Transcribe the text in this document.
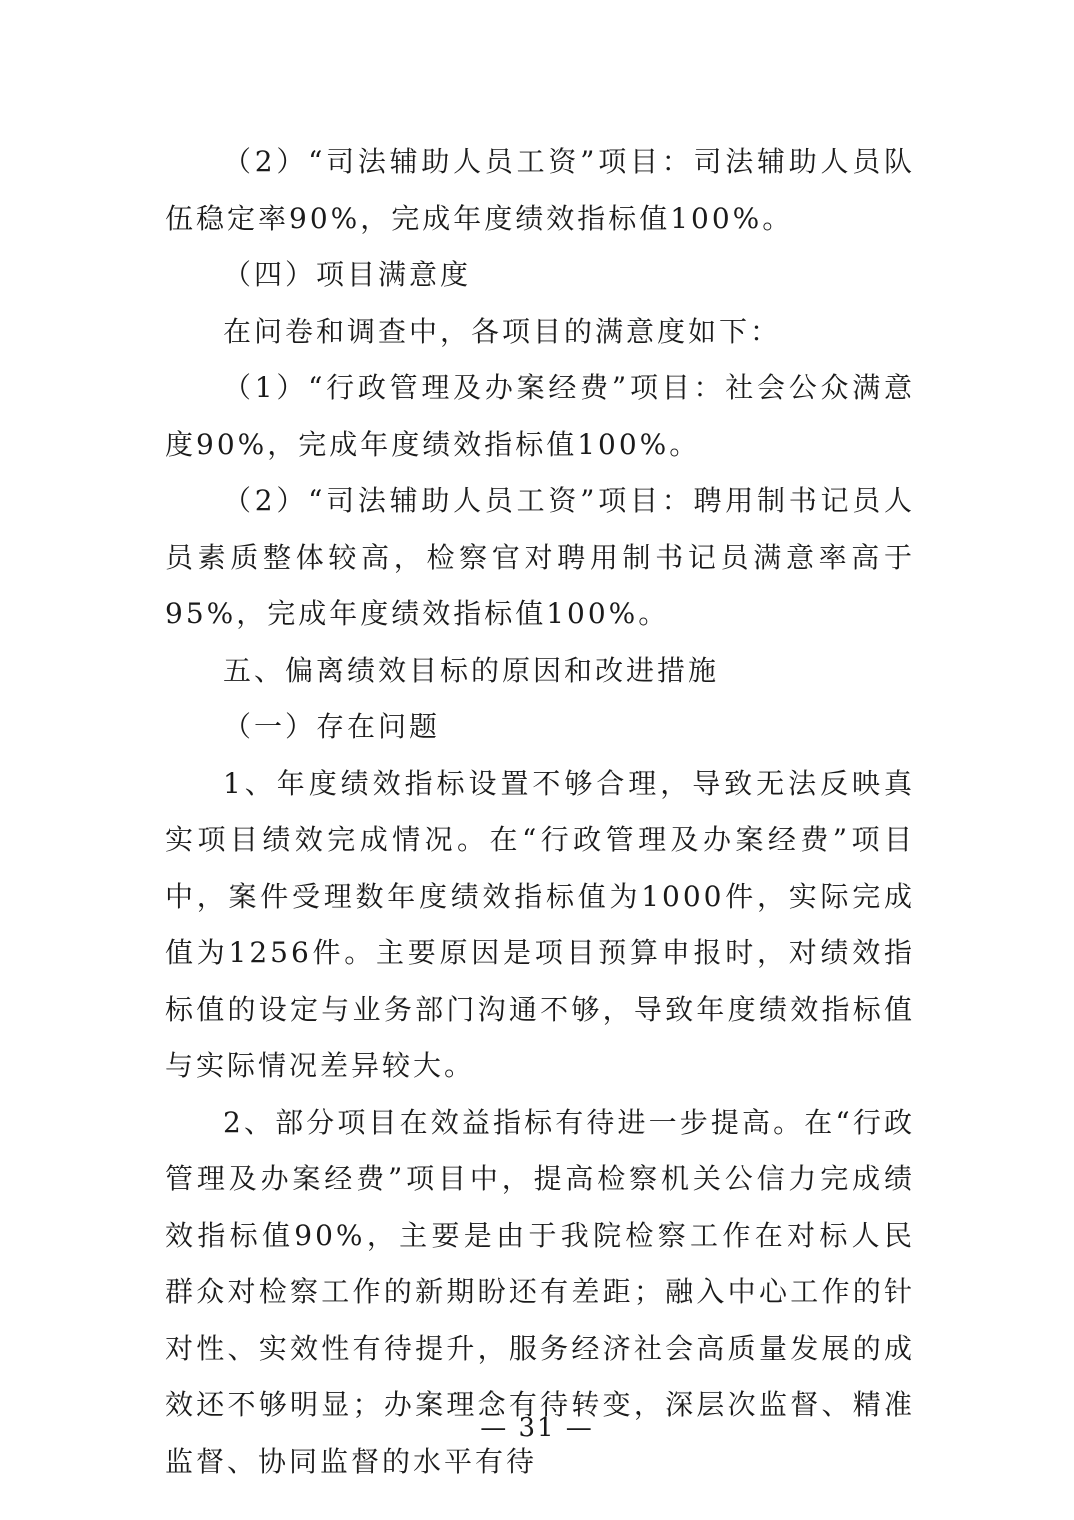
（2）“司法辅助人员工资”项目：司法辅助人员队伍稳定率90%，完成年度绩效指标值100%。

（四）项目满意度

在问卷和调查中，各项目的满意度如下：

（1）“行政管理及办案经费”项目：社会公众满意度90%，完成年度绩效指标值100%。

（2）“司法辅助人员工资”项目：聘用制书记员人员素质整体较高，检察官对聘用制书记员满意率高于95%，完成年度绩效指标值100%。

五、偏离绩效目标的原因和改进措施

（一）存在问题

1、年度绩效指标设置不够合理，导致无法反映真实项目绩效完成情况。在“行政管理及办案经费”项目中，案件受理数年度绩效指标值为1000件，实际完成值为1256件。主要原因是项目预算申报时，对绩效指标值的设定与业务部门沟通不够，导致年度绩效指标值与实际情况差异较大。

2、部分项目在效益指标有待进一步提高。在“行政管理及办案经费”项目中，提高检察机关公信力完成绩效指标值90%，主要是由于我院检察工作在对标人民群众对检察工作的新期盼还有差距；融入中心工作的针对性、实效性有待提升，服务经济社会高质量发展的成效还不够明显；办案理念有待转变，深层次监督、精准监督、协同监督的水平有待

— 31 —
